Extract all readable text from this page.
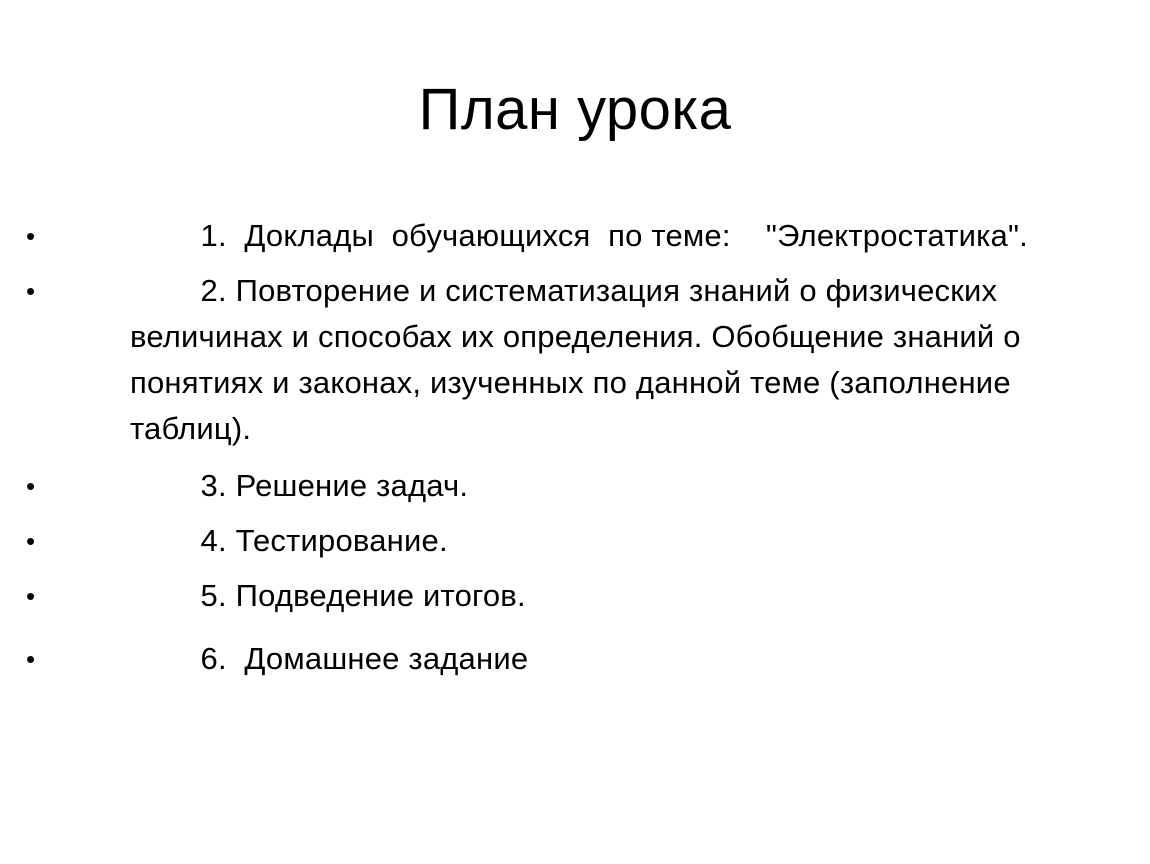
План урока
•	1.  Доклады  обучающихся  по теме:    "Электростатика".
•	2. Повторение и систематизация знаний о физических величинах и способах их определения. Обобщение знаний о понятиях и законах, изученных по данной теме (заполнение таблиц).
•	3. Решение задач.
•	4. Тестирование.
•	5. Подведение итогов.
•	6.  Домашнее задание
